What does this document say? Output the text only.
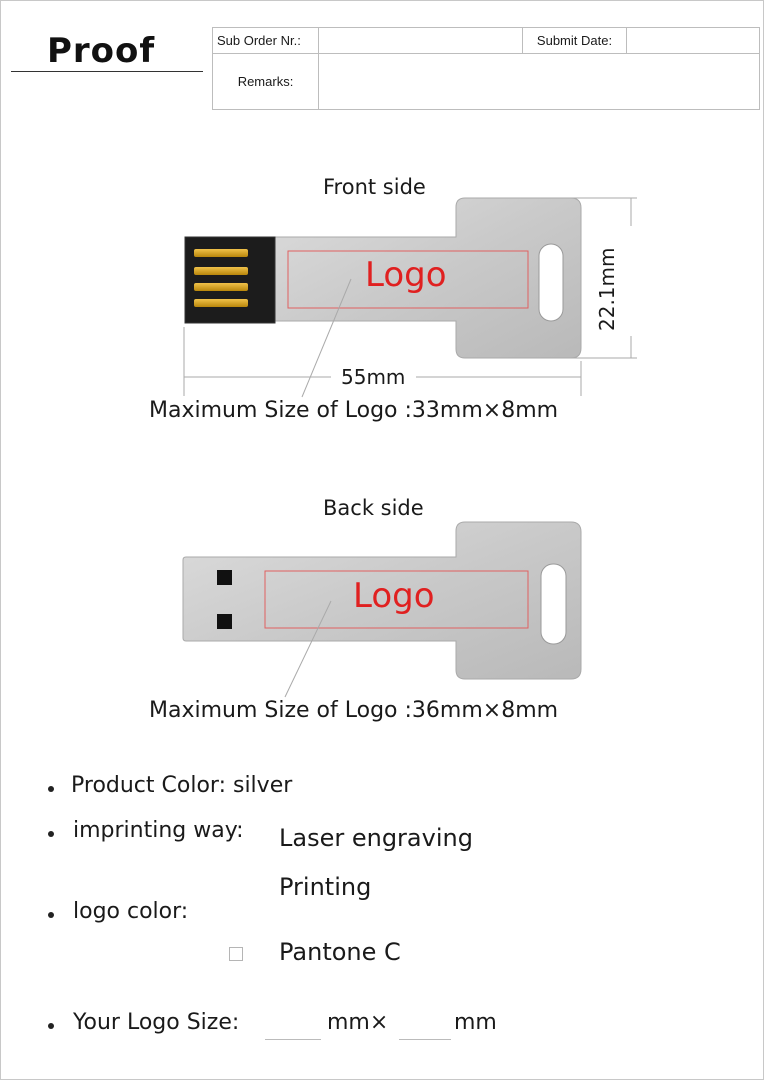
Proof	Sub Order Nr.:		Submit Date:	
Remarks:			
Front side
Logo
55mm
22.1mm
Maximum Size of Logo :33mm×8mm
Back side
Logo
Maximum Size of Logo :36mm×8mm
Product Color: silver
imprinting way: Laser engraving
Printing
logo color:
Pantone C
Your Logo Size:	mm×	mm
